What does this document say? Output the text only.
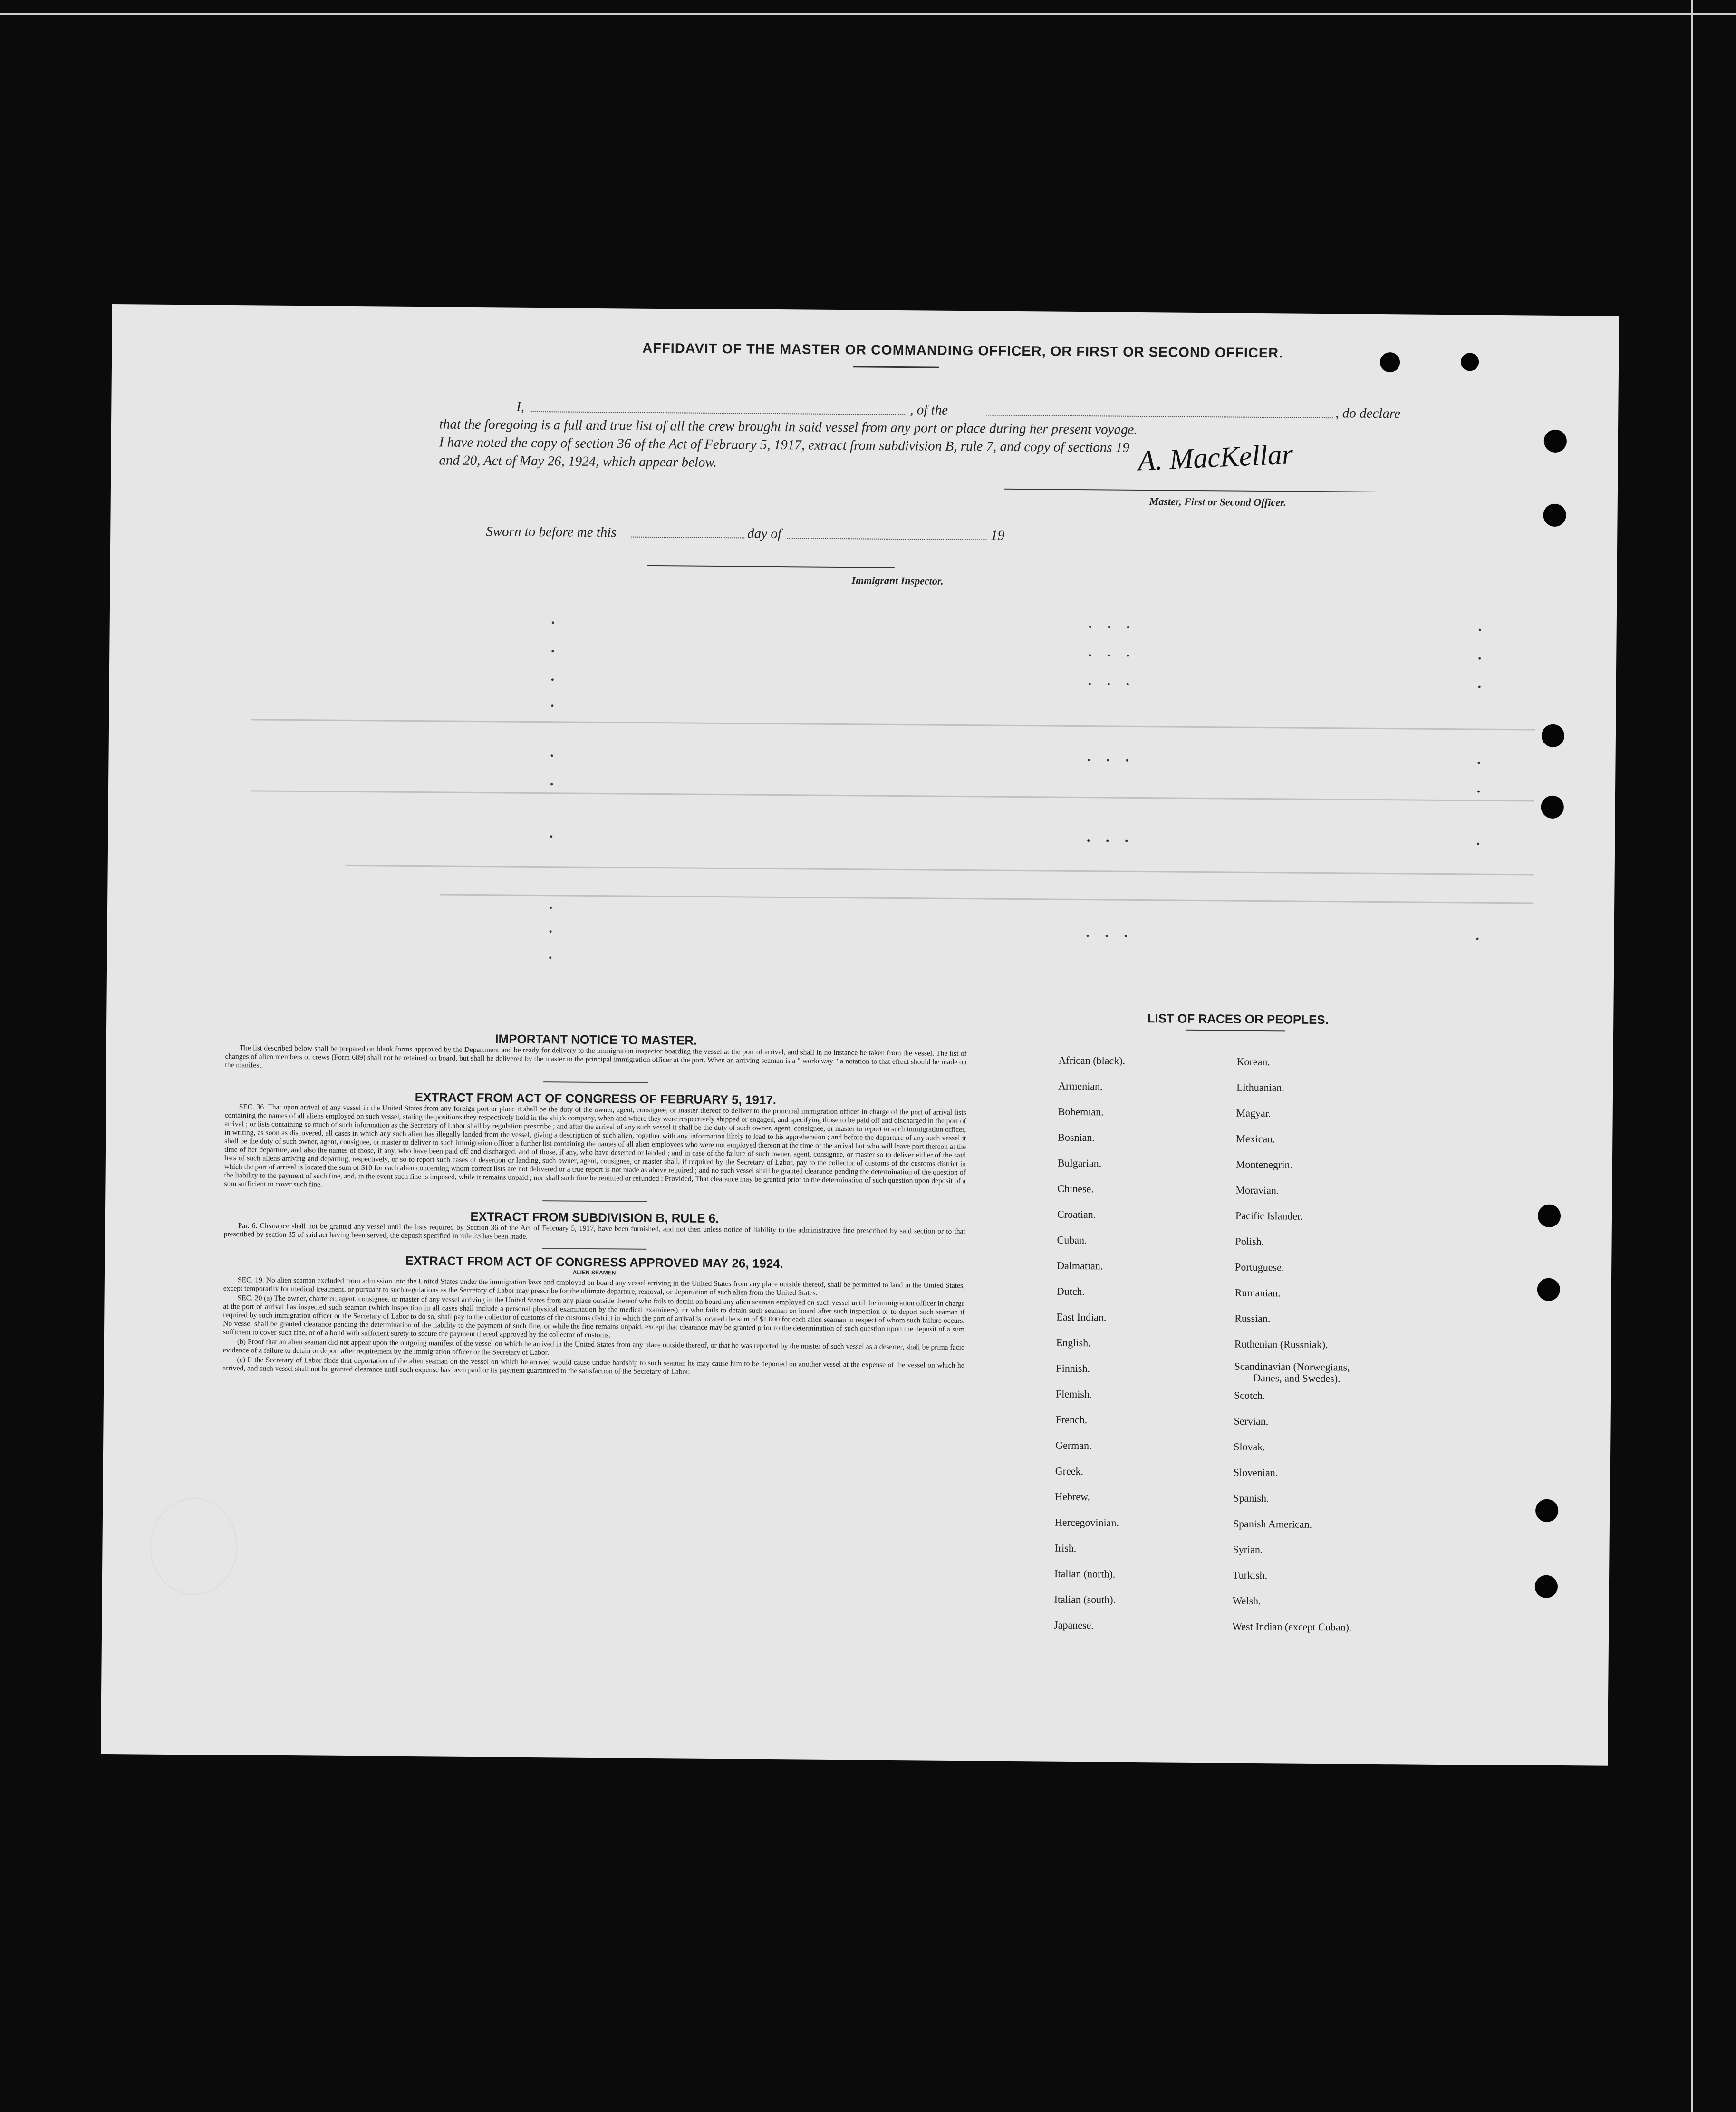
AFFIDAVIT OF THE MASTER OR COMMANDING OFFICER, OR FIRST OR SECOND OFFICER.
I,	, of the	, do declare
that the foregoing is a full and true list of all the crew brought in said vessel from any port or place during her present voyage.
I have noted the copy of section 36 of the Act of February 5, 1917, extract from subdivision B, rule 7, and copy of sections 19
and 20, Act of May 26, 1924, which appear below.	A. MacKellar
Master, First or Second Officer.
Sworn to before me this	day of	19
Immigrant Inspector.
IMPORTANT NOTICE TO MASTER.

The list described below shall be prepared on blank forms approved by the Department and be ready for delivery to the immigration inspector boarding the vessel at the port of arrival, and shall in no instance be taken from the vessel. The list of changes of alien members of crews (Form 689) shall not be retained on board, but shall be delivered by the master to the principal immigration officer at the port. When an arriving seaman is a " workaway " a notation to that effect should be made on the manifest.

EXTRACT FROM ACT OF CONGRESS OF FEBRUARY 5, 1917.

SEC. 36. That upon arrival of any vessel in the United States from any foreign port or place it shall be the duty of the owner, agent, consignee, or master thereof to deliver to the principal immigration officer in charge of the port of arrival lists containing the names of all aliens employed on such vessel, stating the positions they respectively hold in the ship's company, when and where they were respectively shipped or engaged, and specifying those to be paid off and discharged in the port of arrival ; or lists containing so much of such information as the Secretary of Labor shall by regulation prescribe ; and after the arrival of any such vessel it shall be the duty of such owner, agent, consignee, or master to report to such immigration officer, in writing, as soon as discovered, all cases in which any such alien has illegally landed from the vessel, giving a description of such alien, together with any information likely to lead to his apprehension ; and before the departure of any such vessel it shall be the duty of such owner, agent, consignee, or master to deliver to such immigration officer a further list containing the names of all alien employees who were not employed thereon at the time of the arrival but who will leave port thereon at the time of her departure, and also the names of those, if any, who have been paid off and discharged, and of those, if any, who have deserted or landed ; and in case of the failure of such owner, agent, consignee, or master so to deliver either of the said lists of such aliens arriving and departing, respectively, or so to report such cases of desertion or landing, such owner, agent, consignee, or master shall, if required by the Secretary of Labor, pay to the collector of customs of the customs district in which the port of arrival is located the sum of $10 for each alien concerning whom correct lists are not delivered or a true report is not made as above required ; and no such vessel shall be granted clearance pending the determination of the question of the liability to the payment of such fine, and, in the event such fine is imposed, while it remains unpaid ; nor shall such fine be remitted or refunded : Provided, That clearance may be granted prior to the determination of such question upon deposit of a sum sufficient to cover such fine.

EXTRACT FROM SUBDIVISION B, RULE 6.

Par. 6. Clearance shall not be granted any vessel until the lists required by Section 36 of the Act of February 5, 1917, have been furnished, and not then unless notice of liability to the administrative fine prescribed by said section or to that prescribed by section 35 of said act having been served, the deposit specified in rule 23 has been made.

EXTRACT FROM ACT OF CONGRESS APPROVED MAY 26, 1924.
ALIEN SEAMEN

SEC. 19. No alien seaman excluded from admission into the United States under the immigration laws and employed on board any vessel arriving in the United States from any place outside thereof, shall be permitted to land in the United States, except temporarily for medical treatment, or pursuant to such regulations as the Secretary of Labor may prescribe for the ultimate departure, removal, or deportation of such alien from the United States.

SEC. 20 (a) The owner, charterer, agent, consignee, or master of any vessel arriving in the United States from any place outside thereof who fails to detain on board any alien seaman employed on such vessel until the immigration officer in charge at the port of arrival has inspected such seaman (which inspection in all cases shall include a personal physical examination by the medical examiners), or who fails to detain such seaman on board after such inspection or to deport such seaman if required by such immigration officer or the Secretary of Labor to do so, shall pay to the collector of customs of the customs district in which the port of arrival is located the sum of $1,000 for each alien seaman in respect of whom such failure occurs. No vessel shall be granted clearance pending the determination of the liability to the payment of such fine, or while the fine remains unpaid, except that clearance may be granted prior to the determination of such question upon the deposit of a sum sufficient to cover such fine, or of a bond with sufficient surety to secure the payment thereof approved by the collector of customs.

(b) Proof that an alien seaman did not appear upon the outgoing manifest of the vessel on which he arrived in the United States from any place outside thereof, or that he was reported by the master of such vessel as a deserter, shall be prima facie evidence of a failure to detain or deport after requirement by the immigration officer or the Secretary of Labor.

(c) If the Secretary of Labor finds that deportation of the alien seaman on the vessel on which he arrived would cause undue hardship to such seaman he may cause him to be deported on another vessel at the expense of the vessel on which he arrived, and such vessel shall not be granted clearance until such expense has been paid or its payment guaranteed to the satisfaction of the Secretary of Labor.

LIST OF RACES OR PEOPLES.
African (black).
Armenian.
Bohemian.
Bosnian.
Bulgarian.
Chinese.
Croatian.
Cuban.
Dalmatian.
Dutch.
East Indian.
English.
Finnish.
Flemish.
French.
German.
Greek.
Hebrew.
Hercegovinian.
Irish.
Italian (north).
Italian (south).
Japanese.
Korean.
Lithuanian.
Magyar.
Mexican.
Montenegrin.
Moravian.
Pacific Islander.
Polish.
Portuguese.
Rumanian.
Russian.
Ruthenian (Russniak).
Scandinavian (Norwegians,
Danes, and Swedes).
Scotch.
Servian.
Slovak.
Slovenian.
Spanish.
Spanish American.
Syrian.
Turkish.
Welsh.
West Indian (except Cuban).
